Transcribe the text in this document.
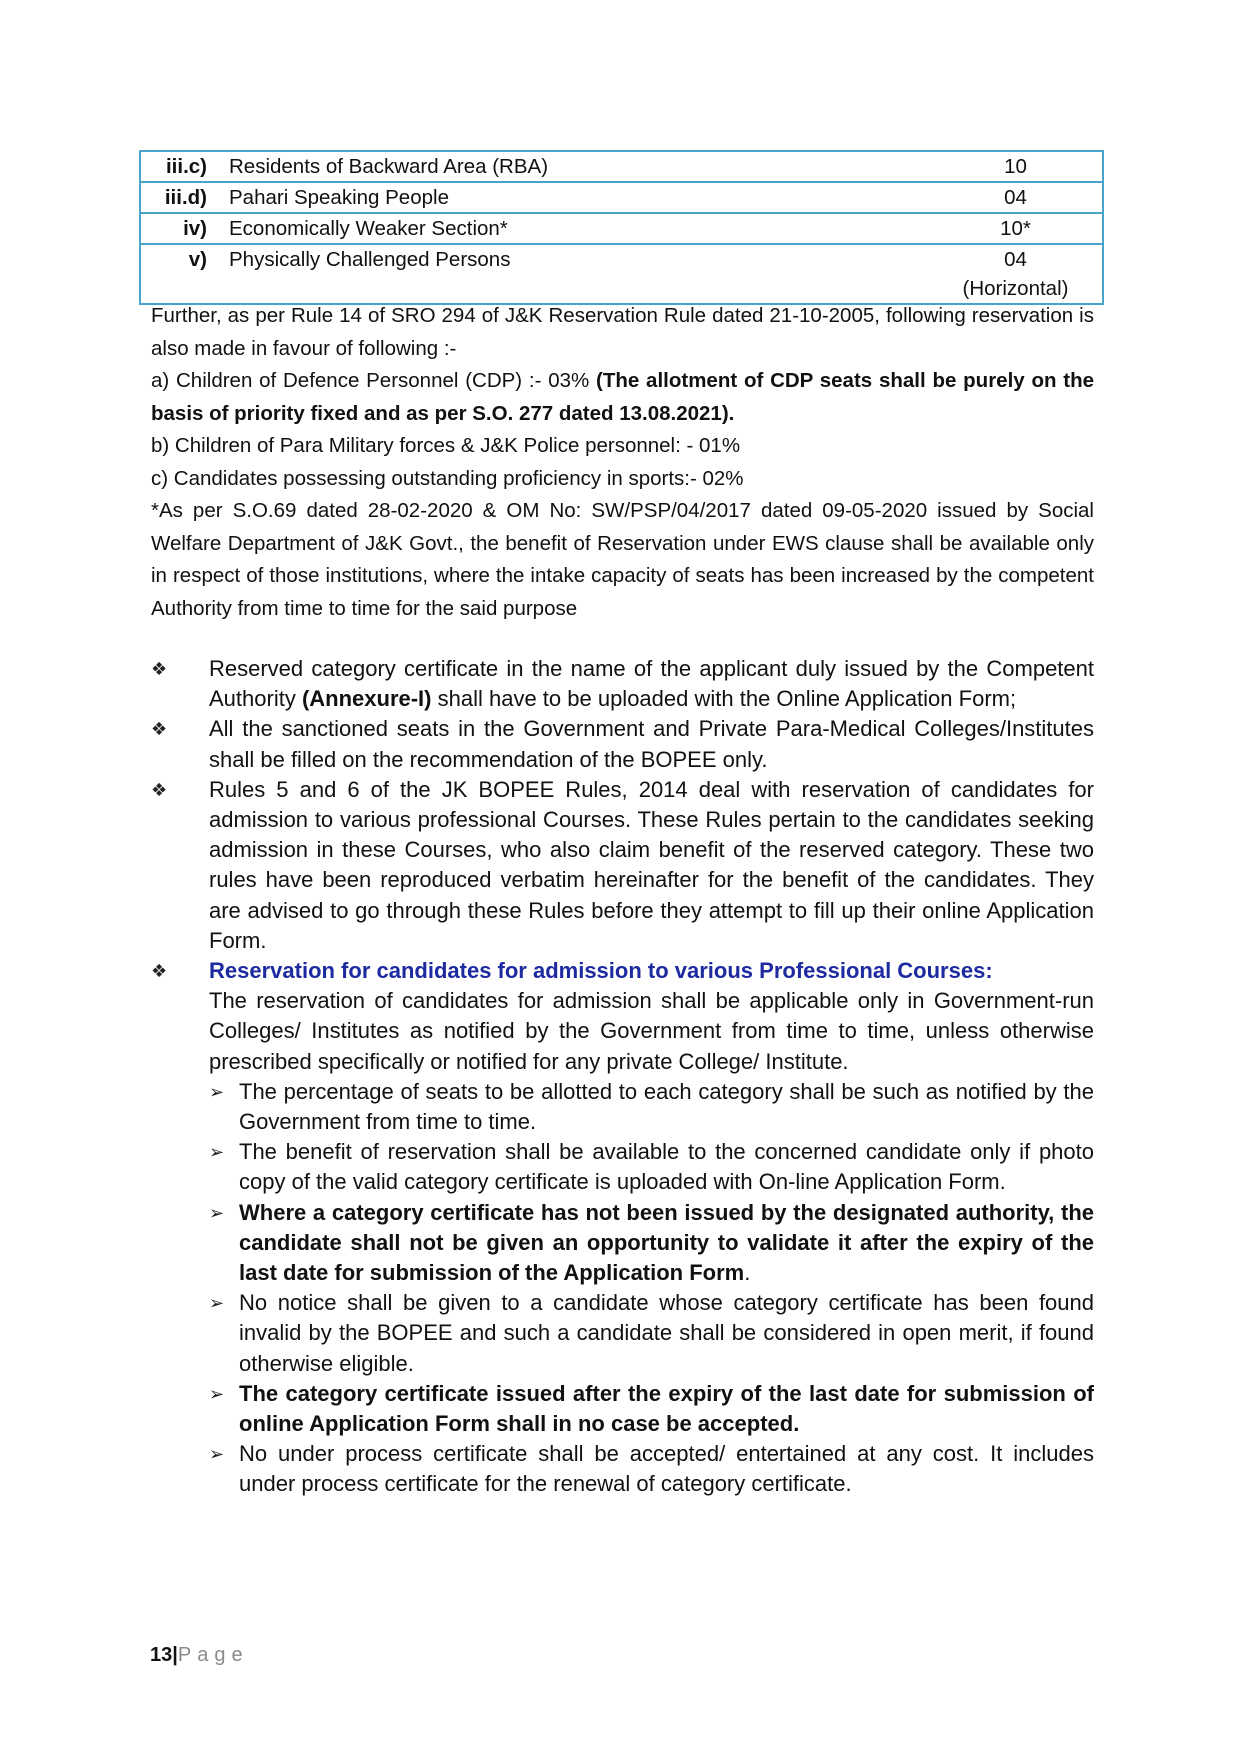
iii.c)	Residents of Backward Area (RBA)	10
iii.d)	Pahari Speaking People	04
iv)	Economically Weaker Section*	10*
v)	Physically Challenged Persons	04
(Horizontal)

Further, as per Rule 14 of SRO 294 of J&K Reservation Rule dated 21-10-2005, following reservation is also made in favour of following :-

a) Children of Defence Personnel (CDP) :- 03% (The allotment of CDP seats shall be purely on the basis of priority fixed and as per S.O. 277 dated 13.08.2021).

b) Children of Para Military forces & J&K Police personnel: - 01%

c) Candidates possessing outstanding proficiency in sports:- 02%

*As per S.O.69 dated 28-02-2020 & OM No: SW/PSP/04/2017 dated 09-05-2020 issued by Social Welfare Department of J&K Govt., the benefit of Reservation under EWS clause shall be available only in respect of those institutions, where the intake capacity of seats has been increased by the competent Authority from time to time for the said purpose

❖	Reserved category certificate in the name of the applicant duly issued by the Competent Authority (Annexure-I) shall have to be uploaded with the Online Application Form;

❖	All the sanctioned seats in the Government and Private Para-Medical Colleges/Institutes shall be filled on the recommendation of the BOPEE only.

❖	Rules 5 and 6 of the JK BOPEE Rules, 2014 deal with reservation of candidates for admission to various professional Courses. These Rules pertain to the candidates seeking admission in these Courses, who also claim benefit of the reserved category. These two rules have been reproduced verbatim hereinafter for the benefit of the candidates. They are advised to go through these Rules before they attempt to fill up their online Application Form.

❖	Reservation for candidates for admission to various Professional Courses:
The reservation of candidates for admission shall be applicable only in Government-run Colleges/ Institutes as notified by the Government from time to time, unless otherwise prescribed specifically or notified for any private College/ Institute.

➢ The percentage of seats to be allotted to each category shall be such as notified by the Government from time to time.

➢ The benefit of reservation shall be available to the concerned candidate only if photo copy of the valid category certificate is uploaded with On-line Application Form.

➢ Where a category certificate has not been issued by the designated authority, the candidate shall not be given an opportunity to validate it after the expiry of the last date for submission of the Application Form.

➢ No notice shall be given to a candidate whose category certificate has been found invalid by the BOPEE and such a candidate shall be considered in open merit, if found otherwise eligible.

➢ The category certificate issued after the expiry of the last date for submission of online Application Form shall in no case be accepted.

➢ No under process certificate shall be accepted/ entertained at any cost. It includes under process certificate for the renewal of category certificate.

13|Page
